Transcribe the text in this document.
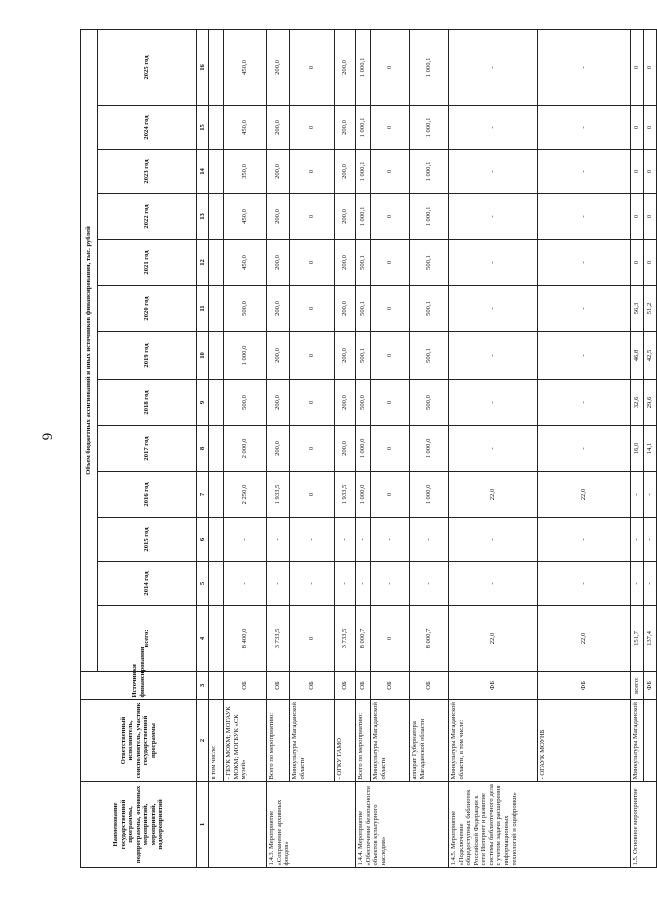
6
Наименование государственной программы, подпрограммы, основных мероприятий, мероприятий, подмероприятий	Ответственный исполнитель, соисполнитель, участник государственной программы	Источники финансирования	Объем бюджетных ассигнований и иных источников финансирования, тыс. рублей												
			всего:	2014 год	2015 год	2016 год	2017 год	2018 год	2019 год	2020 год	2021 год	2022 год	2023 год	2024 год	2025 год
1	2	3	4	5	6	7	8	9	10	11	12	13	14	15	16
	в том числе:														
	- ГБУК МОКМ; МОГАУК МОКМ; МОГБУК «СК музей»	ОБ	8 400,0	-	-	2 250,0	2 000,0	500,0	1 000,0	500,0	450,0	450,0	350,0	450,0	450,0
1.4.3. Мероприятие «Сохранение архивных фондов»	Всего по мероприятию:	ОБ	3 733,5	-	-	1 933,5	200,0	200,0	200,0	200,0	200,0	200,0	200,0	200,0	200,0
	Минкультуры Магаданской области	ОБ	0	-	-	0	0	0	0	0	0	0	0	0	0
	- ОГКУ ГАМО	ОБ	3 733,5	-	-	1 933,5	200,0	200,0	200,0	200,0	200,0	200,0	200,0	200,0	200,0
1.4.4. Мероприятие «Обеспечение безопасности объектов культурного наследия»	Всего по мероприятию:	ОБ	8 000,7	-	-	1 000,0	1 000,0	500,0	500,1	500,1	500,1	1 000,1	1 000,1	1 000,1	1 000,1
	Минкультуры Магаданской области	ОБ	0	-	-	0	0	0	0	0	0	0	0	0	0
	аппарат Губернатора Магаданской области	ОБ	8 000,7	-	-	1 000,0	1 000,0	500,0	500,1	500,1	500,1	1 000,1	1 000,1	1 000,1	1 000,1
1.4.5. Мероприятие «Подключение общедоступных библиотек Российской Федерации к сети Интернет и развитие системы библиотечного дела с учетом задачи расширения информационных технологий и оцифровки»	Минкультуры Магаданской области, в том числе:	ФБ	22,0	-	-	22,0	-	-	-	-	-	-	-	-	-
	- ОГАУК МОУНБ	ФБ	22,0	-	-	22,0	-	-	-	-	-	-	-	-	-
1.5. Основное мероприятие	Минкультуры Магаданской	всего:	151,7	-	-	-	16,0	32,6	46,8	56,3	0	0	0	0	0
		ФБ	137,4	-	-	-	14,1	29,6	42,5	51,2	0	0	0	0	0
